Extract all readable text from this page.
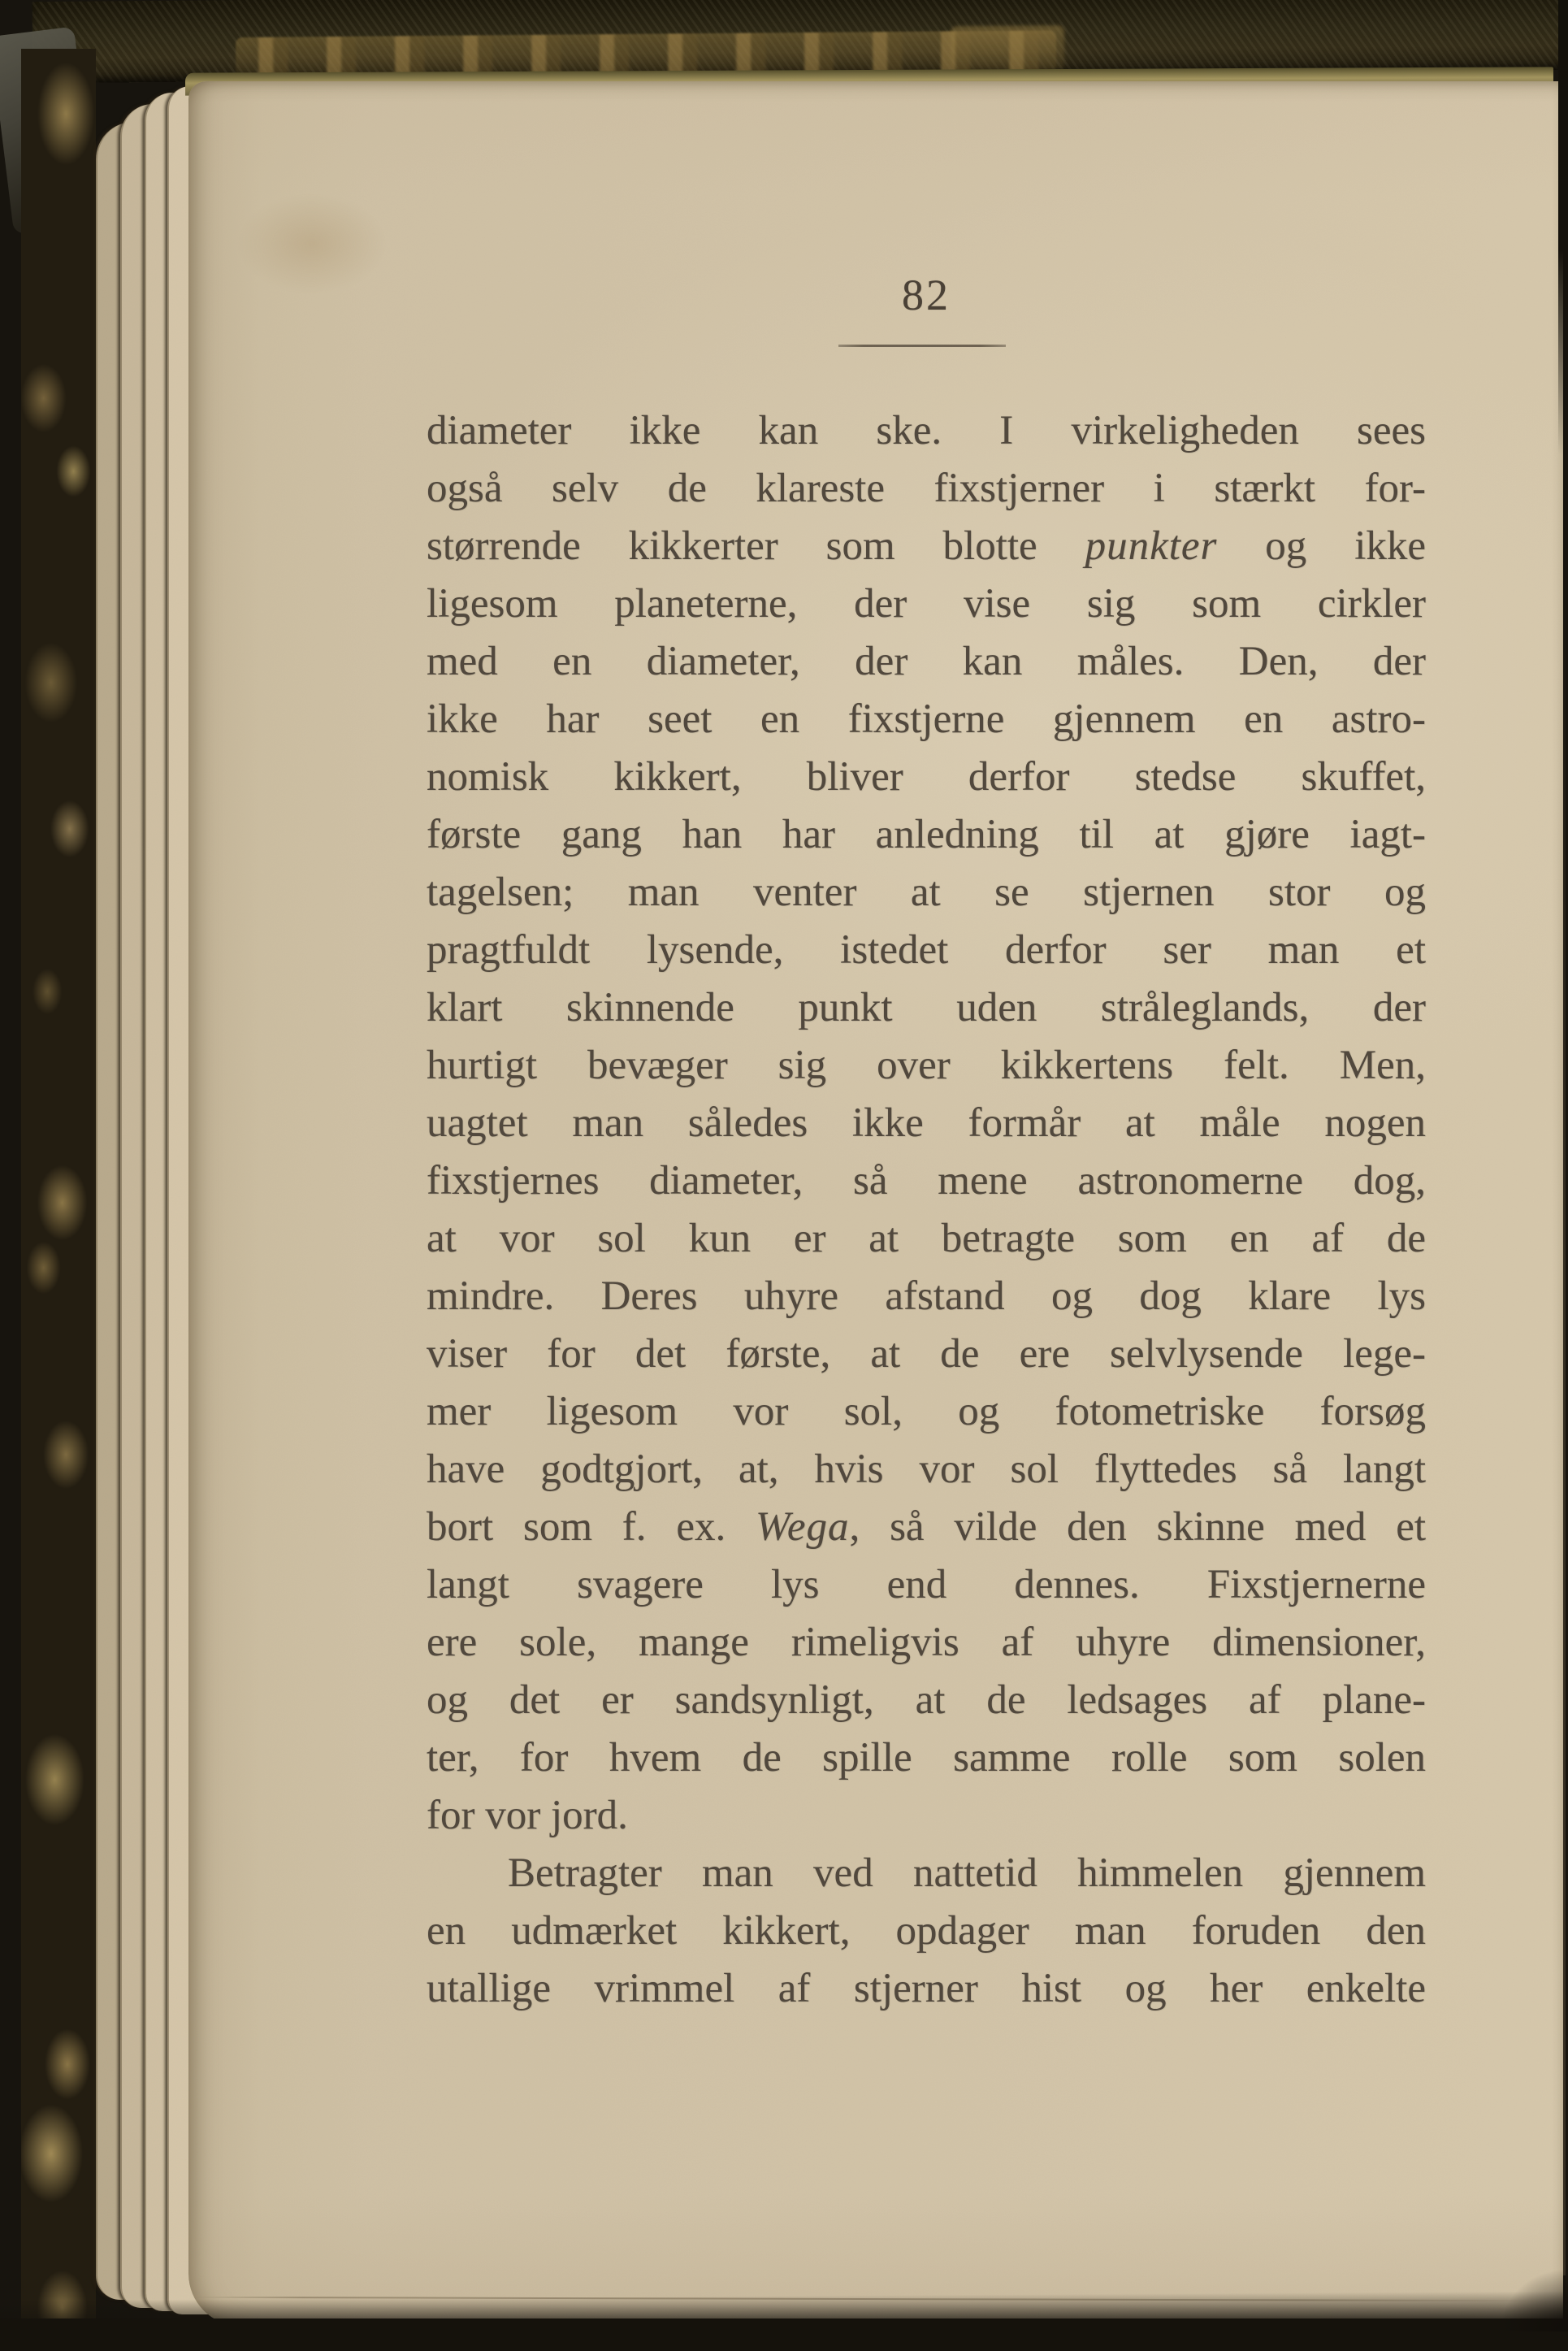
82
diameter ikke kan ske. I virkeligheden sees
også selv de klareste fixstjerner i stærkt for-
størrende kikkerter som blotte punkter og ikke
ligesom planeterne, der vise sig som cirkler
med en diameter, der kan måles. Den, der
ikke har seet en fixstjerne gjennem en astro-
nomisk kikkert, bliver derfor stedse skuffet,
første gang han har anledning til at gjøre iagt-
tagelsen; man venter at se stjernen stor og
pragtfuldt lysende, istedet derfor ser man et
klart skinnende punkt uden stråleglands, der
hurtigt bevæger sig over kikkertens felt. Men,
uagtet man således ikke formår at måle nogen
fixstjernes diameter, så mene astronomerne dog,
at vor sol kun er at betragte som en af de
mindre. Deres uhyre afstand og dog klare lys
viser for det første, at de ere selvlysende lege-
mer ligesom vor sol, og fotometriske forsøg
have godtgjort, at, hvis vor sol flyttedes så langt
bort som f. ex. Wega, så vilde den skinne med et
langt svagere lys end dennes. Fixstjernerne
ere sole, mange rimeligvis af uhyre dimensioner,
og det er sandsynligt, at de ledsages af plane-
ter, for hvem de spille samme rolle som solen
for vor jord.
Betragter man ved nattetid himmelen gjennem
en udmærket kikkert, opdager man foruden den
utallige vrimmel af stjerner hist og her enkelte
